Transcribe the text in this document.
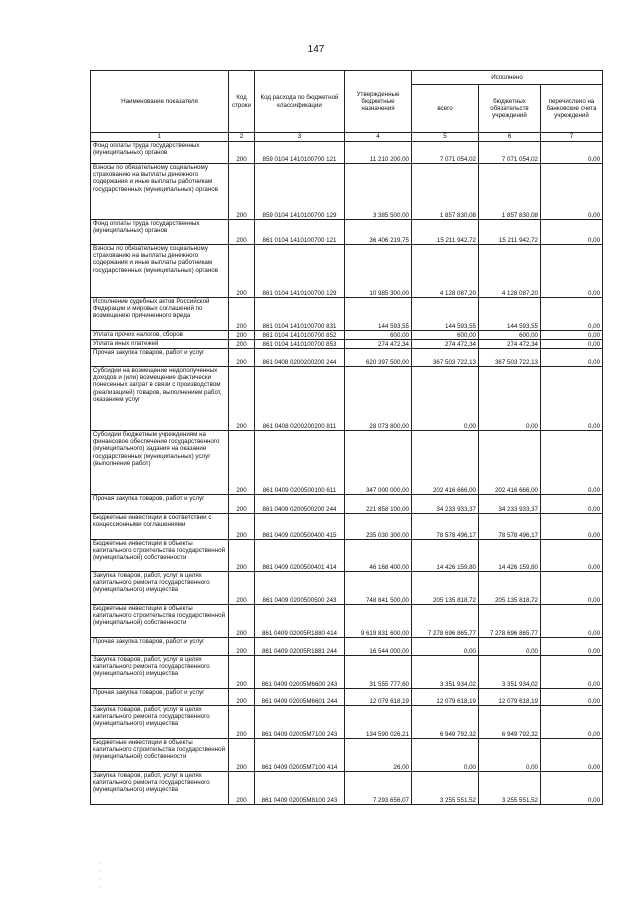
147
Наименование показателя	Код строки	Код расхода по бюджетной классификации	Утвержденные бюджетные назначения	Исполнено		
				всего	бюджетных обязательств учреждений	перечислено на банковские счета учреждений
1	2	3	4	5	6	7
Фонд оплаты труда государственных (муниципальных) органов	200	859 0104 1410100700 121	11 210 200,00	7 071 054,02	7 071 054,02	0,00
Взносы по обязательному социальному страхованию на выплаты денежного содержания и иные выплаты работникам государственных (муниципальных) органов	200	859 0104 1410100700 129	3 385 500,00	1 857 830,08	1 857 830,08	0,00
Фонд оплаты труда государственных (муниципальных) органов	200	861 0104 1410100700 121	36 406 219,75	15 211 942,72	15 211 942,72	0,00
Взносы по обязательному социальному страхованию на выплаты денежного содержания и иные выплаты работникам государственных (муниципальных) органов	200	861 0104 1410100700 129	10 985 300,00	4 128 087,20	4 128 087,20	0,00
Исполнение судебных актов Российской Федерации и мировых соглашений по возмещению причиненного вреда	200	861 0104 1410100700 831	144 593,55	144 593,55	144 593,55	0,00
Уплата прочих налогов, сборов	200	861 0104 1410100700 852	600,00	600,00	600,00	0,00
Уплата иных платежей	200	861 0104 1410100700 853	274 472,34	274 472,34	274 472,34	0,00
Прочая закупка товаров, работ и услуг	200	861 0408 0200200200 244	620 397 500,00	367 503 722,13	367 503 722,13	0,00
Субсидии на возмещение недополученных доходов и (или) возмещение фактически понесенных затрат в связи с производством (реализацией) товаров, выполнением работ, оказанием услуг	200	861 0408 0200200200 811	28 073 800,00	0,00	0,00	0,00
Субсидии бюджетным учреждениям на финансовое обеспечение государственного (муниципального) задания на оказание государственных (муниципальных) услуг (выполнение работ)	200	861 0409 0200500100 611	347 000 000,00	202 416 666,00	202 416 666,00	0,00
Прочая закупка товаров, работ и услуг	200	861 0409 0200500200 244	221 858 100,00	34 233 933,37	34 233 933,37	0,00
Бюджетные инвестиции в соответствии с концессионными соглашениями	200	861 0409 0200500400 415	235 030 300,00	78 578 496,17	78 578 496,17	0,00
Бюджетные инвестиции в объекты капитального строительства государственной (муниципальной) собственности	200	861 0409 0200500401 414	46 168 400,00	14 426 159,80	14 426 159,80	0,00
Закупка товаров, работ, услуг в целях капитального ремонта государственного (муниципального) имущества	200	861 0409 0200500500 243	748 841 500,00	205 135 818,72	205 135 818,72	0,00
Бюджетные инвестиции в объекты капитального строительства государственной (муниципальной) собственности	200	861 0409 02005R1880 414	9 619 831 600,00	7 278 696 865,77	7 278 696 865,77	0,00
Прочая закупка товаров, работ и услуг	200	861 0409 02005R1881 244	16 544 000,00	0,00	0,00	0,00
Закупка товаров, работ, услуг в целях капитального ремонта государственного (муниципального) имущества	200	861 0409 02005M6600 243	31 555 777,60	3 351 934,02	3 351 934,02	0,00
Прочая закупка товаров, работ и услуг	200	861 0409 02005M6601 244	12 079 618,19	12 079 618,19	12 079 618,19	0,00
Закупка товаров, работ, услуг в целях капитального ремонта государственного (муниципального) имущества	200	861 0409 02005M7100 243	134 590 026,21	6 949 792,32	6 949 792,32	0,00
Бюджетные инвестиции в объекты капитального строительства государственной (муниципальной) собственности	200	861 0409 02005M7100 414	26,00	0,00	0,00	0,00
Закупка товаров, работ, услуг в целях капитального ремонта государственного (муниципального) имущества	200	861 0409 02005M8100 243	7 293 656,07	3 255 551,52	3 255 551,52	0,00
·
·
·
·
